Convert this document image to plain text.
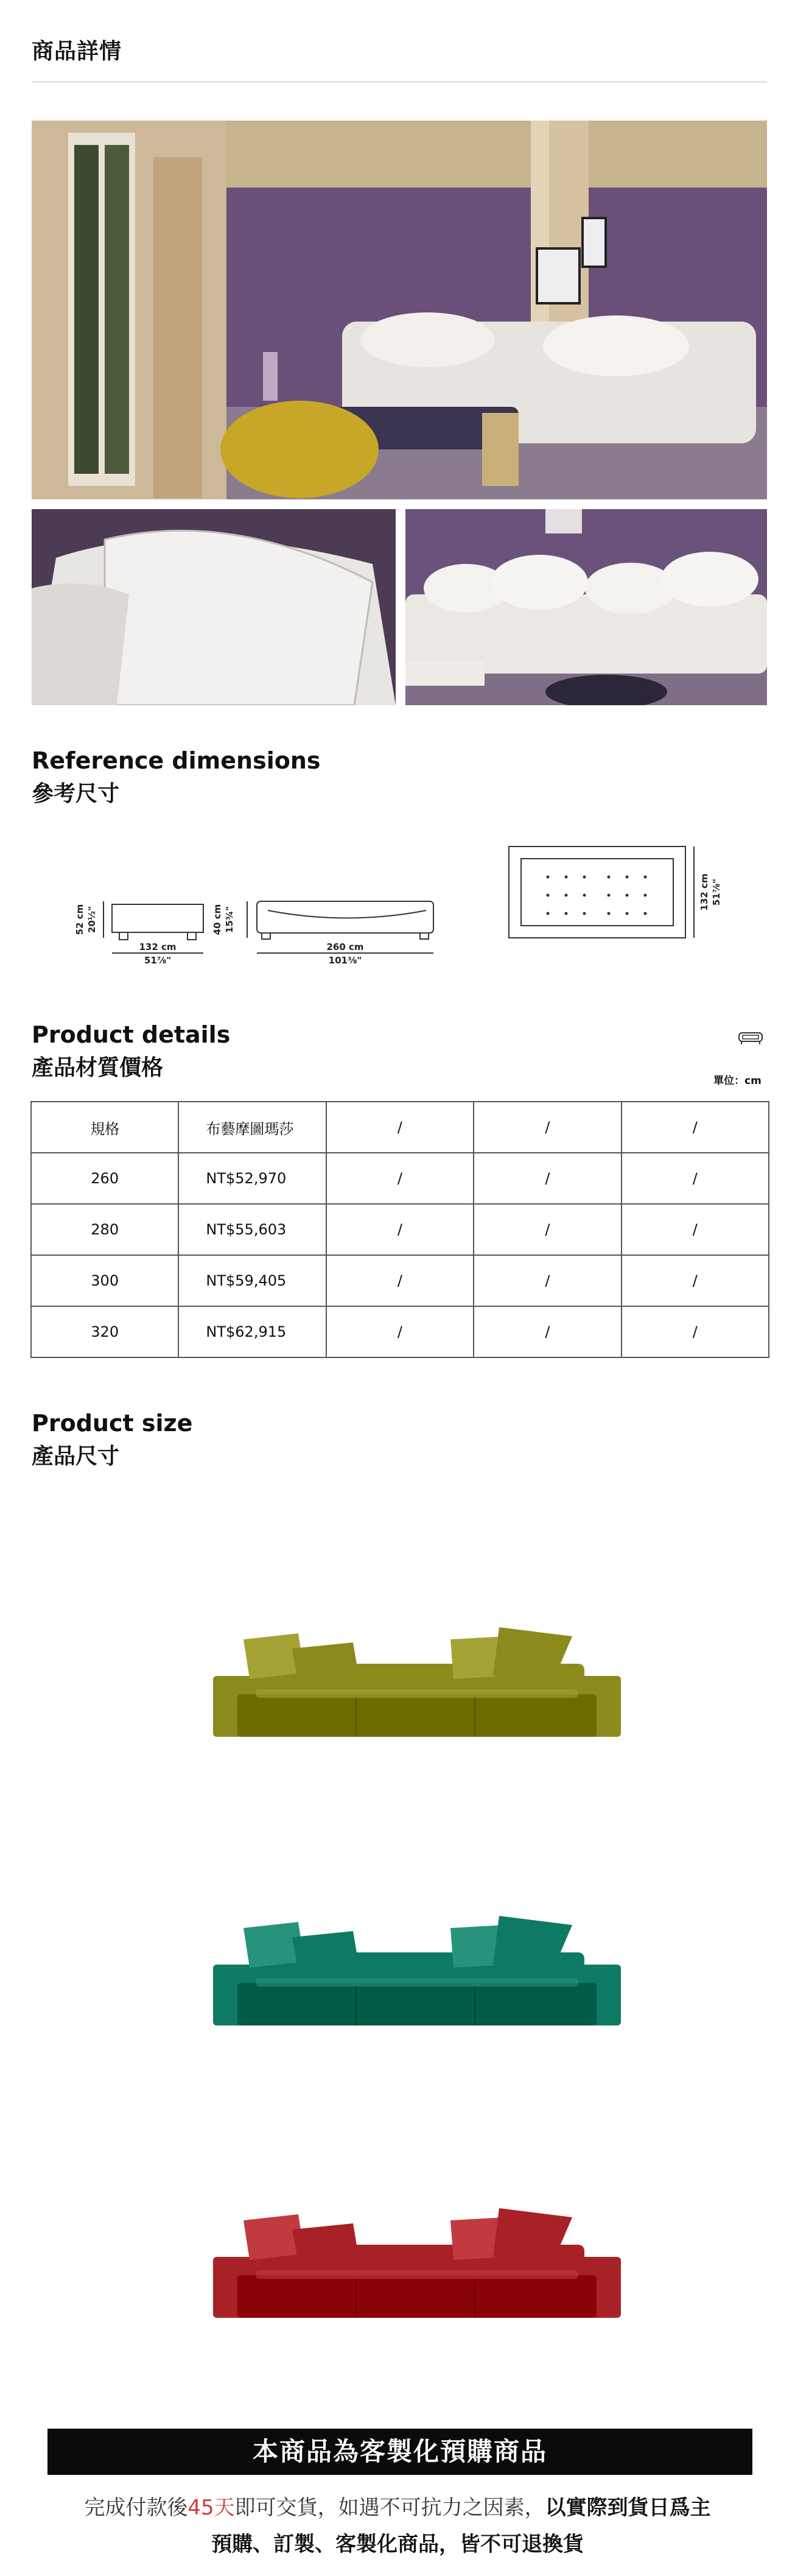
商品詳情
Reference dimensions
參考尺寸
132 cm
51⅞"
260 cm
101⅜"
52 cm 20½"	40 cm 15¾"
132 cm 51⅞"
Product details
產品材質價格
單位：cm
規格	布藝摩圖瑪莎	/	/	/
260	NT$52,970	/	/	/
280	NT$55,603	/	/	/
300	NT$59,405	/	/	/
320	NT$62,915	/	/	/
Product size
產品尺寸
本商品為客製化預購商品
完成付款後45天即可交貨，如遇不可抗力之因素，以實際到貨日爲主
預購、訂製、客製化商品，皆不可退換貨
